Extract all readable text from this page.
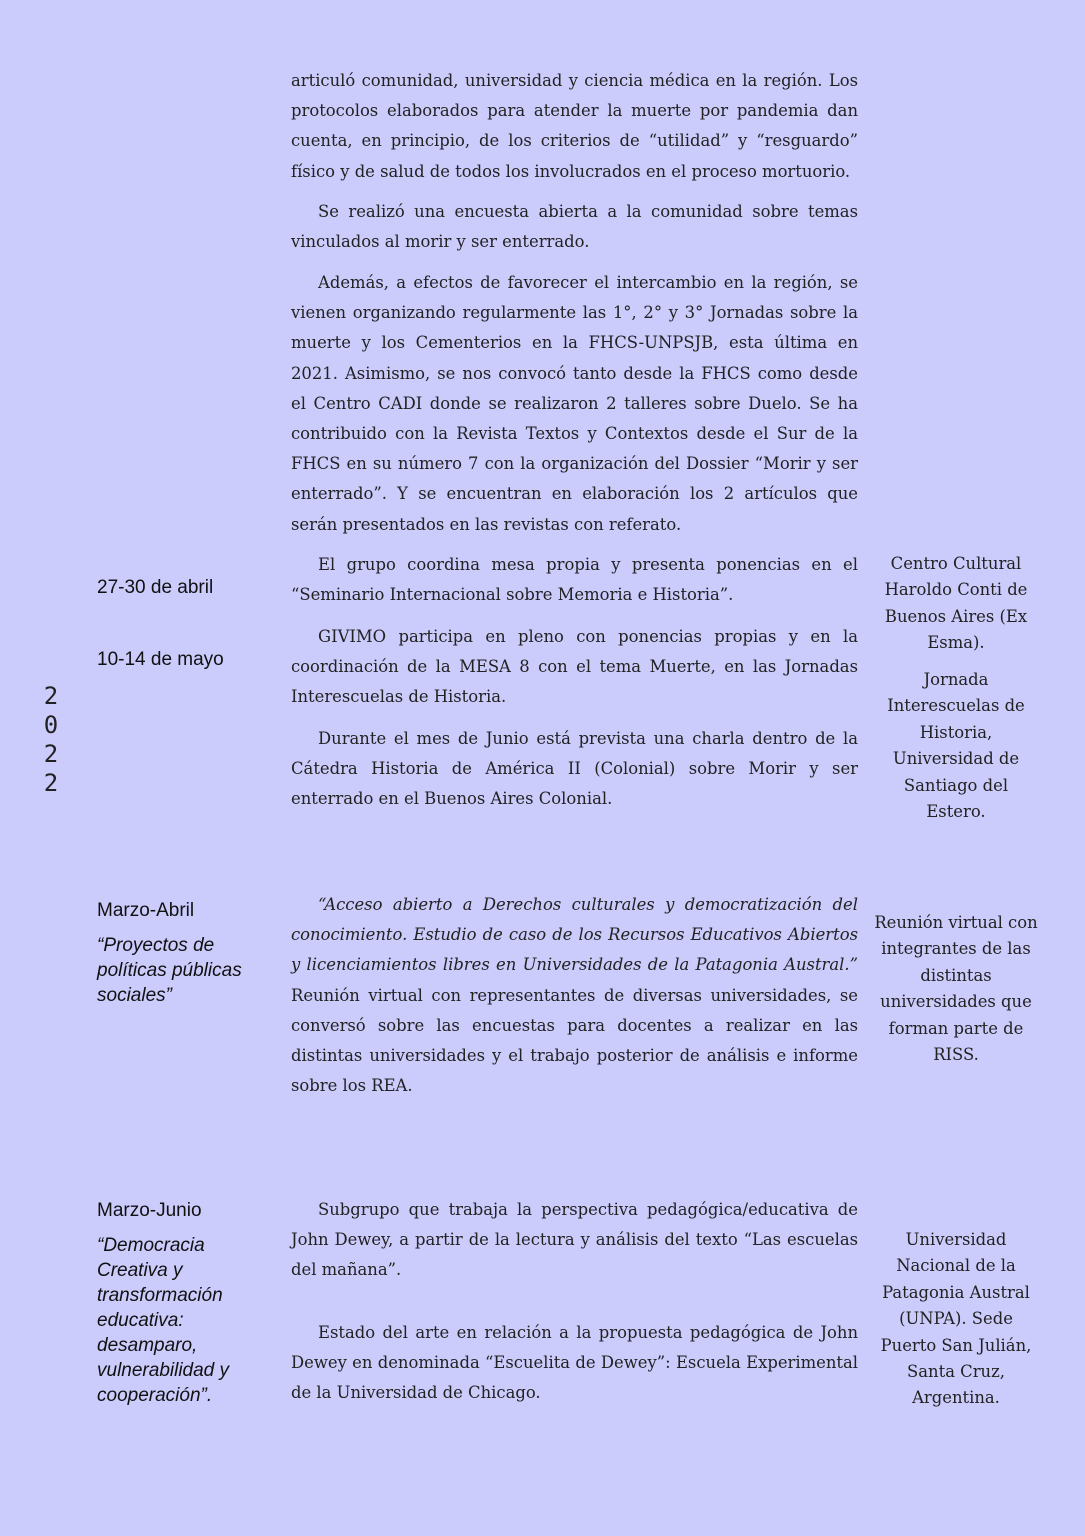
2
0
2
2

articuló comunidad, universidad y ciencia médica en la región. Los protocolos elaborados para atender la muerte por pandemia dan cuenta, en principio, de los criterios de “utilidad” y “resguardo” físico y de salud de todos los involucrados en el proceso mortuorio.

Se realizó una encuesta abierta a la comunidad sobre temas vinculados al morir y ser enterrado.

Además, a efectos de favorecer el intercambio en la región, se vienen organizando regularmente las 1°, 2° y 3° Jornadas sobre la muerte y los Cementerios en la FHCS-UNPSJB, esta última en 2021. Asimismo, se nos convocó tanto desde la FHCS como desde el Centro CADI donde se realizaron 2 talleres sobre Duelo. Se ha contribuido con la Revista Textos y Contextos desde el Sur de la FHCS en su número 7 con la organización del Dossier “Morir y ser enterrado”. Y se encuentran en elaboración los 2 artículos que serán presentados en las revistas con referato.

27-30 de abril
10-14 de mayo

El grupo coordina mesa propia y presenta ponencias en el “Seminario Internacional sobre Memoria e Historia”.

GIVIMO participa en pleno con ponencias propias y en la coordinación de la MESA 8 con el tema Muerte, en las Jornadas Interescuelas de Historia.

Durante el mes de Junio está prevista una charla dentro de la Cátedra Historia de América II (Colonial) sobre Morir y ser enterrado en el Buenos Aires Colonial.

Centro Cultural Haroldo Conti de Buenos Aires (Ex Esma).

Jornada Interescuelas de Historia, Universidad de Santiago del Estero.

Marzo-Abril
“Proyectos de políticas públicas sociales”

“Acceso abierto a Derechos culturales y democratización del conocimiento. Estudio de caso de los Recursos Educativos Abiertos y licenciamientos libres en Universidades de la Patagonia Austral.” Reunión virtual con representantes de diversas universidades, se conversó sobre las encuestas para docentes a realizar en las distintas universidades y el trabajo posterior de análisis e informe sobre los REA.

Reunión virtual con integrantes de las distintas universidades que forman parte de RISS.

Marzo-Junio
“Democracia Creativa y transformación educativa: desamparo, vulnerabilidad y cooperación”.

Subgrupo que trabaja la perspectiva pedagógica/educativa de John Dewey, a partir de la lectura y análisis del texto “Las escuelas del mañana”.

Estado del arte en relación a la propuesta pedagógica de John Dewey en denominada “Escuelita de Dewey”: Escuela Experimental de la Universidad de Chicago.

Universidad Nacional de la Patagonia Austral (UNPA). Sede Puerto San Julián, Santa Cruz, Argentina.
